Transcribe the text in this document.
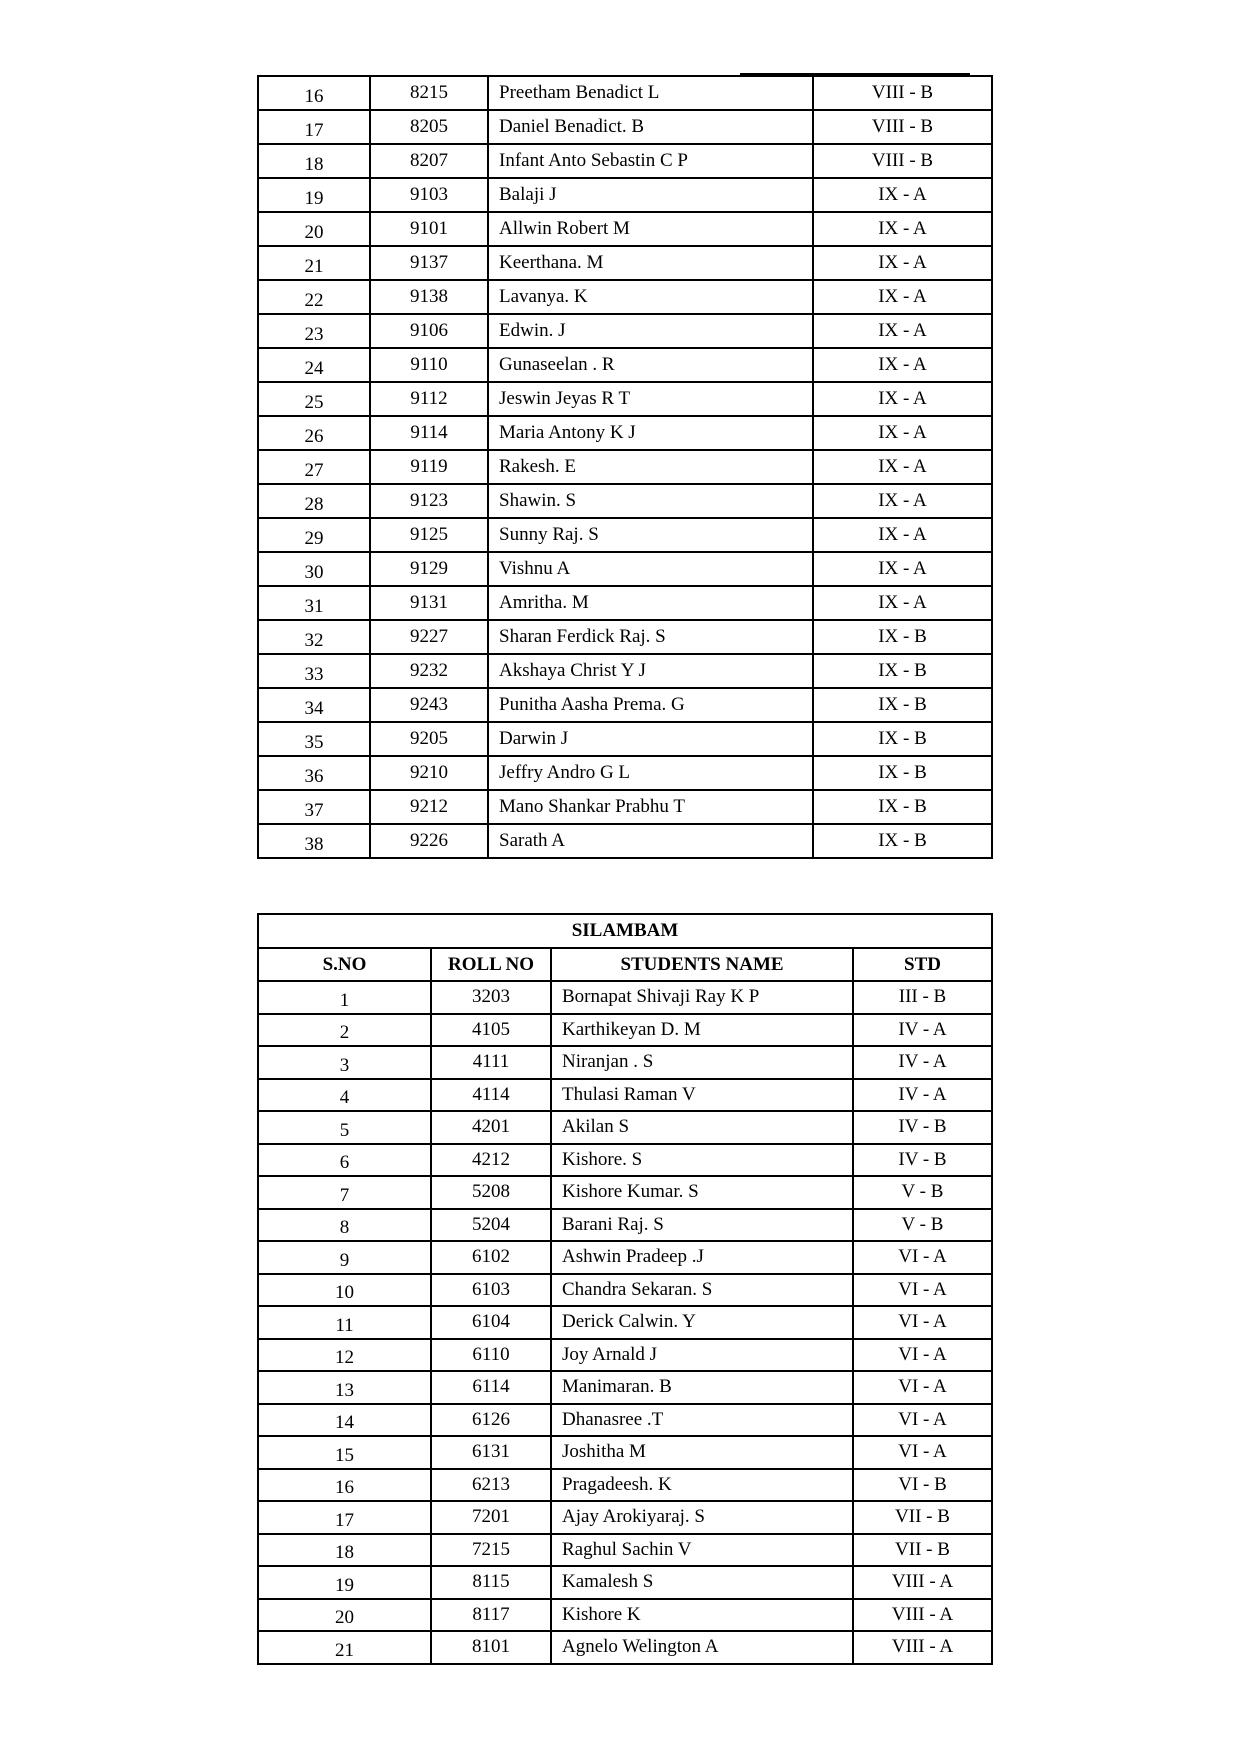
16	8215	Preetham Benadict L	VIII - B
17	8205	Daniel Benadict. B	VIII - B
18	8207	Infant Anto Sebastin C P	VIII - B
19	9103	Balaji J	IX - A
20	9101	Allwin Robert M	IX - A
21	9137	Keerthana. M	IX - A
22	9138	Lavanya. K	IX - A
23	9106	Edwin. J	IX - A
24	9110	Gunaseelan . R	IX - A
25	9112	Jeswin Jeyas R T	IX - A
26	9114	Maria Antony K J	IX - A
27	9119	Rakesh. E	IX - A
28	9123	Shawin. S	IX - A
29	9125	Sunny Raj. S	IX - A
30	9129	Vishnu A	IX - A
31	9131	Amritha. M	IX - A
32	9227	Sharan Ferdick Raj. S	IX - B
33	9232	Akshaya Christ Y J	IX - B
34	9243	Punitha Aasha Prema. G	IX - B
35	9205	Darwin J	IX - B
36	9210	Jeffry Andro G L	IX - B
37	9212	Mano Shankar Prabhu T	IX - B
38	9226	Sarath A	IX - B
SILAMBAM			
S.NO	ROLL NO	STUDENTS NAME	STD
1	3203	Bornapat Shivaji Ray K P	III - B
2	4105	Karthikeyan D. M	IV - A
3	4111	Niranjan . S	IV - A
4	4114	Thulasi Raman V	IV - A
5	4201	Akilan S	IV - B
6	4212	Kishore. S	IV - B
7	5208	Kishore Kumar. S	V - B
8	5204	Barani Raj. S	V - B
9	6102	Ashwin Pradeep .J	VI - A
10	6103	Chandra Sekaran. S	VI - A
11	6104	Derick Calwin. Y	VI - A
12	6110	Joy Arnald J	VI - A
13	6114	Manimaran. B	VI - A
14	6126	Dhanasree .T	VI - A
15	6131	Joshitha M	VI - A
16	6213	Pragadeesh. K	VI - B
17	7201	Ajay Arokiyaraj. S	VII - B
18	7215	Raghul Sachin V	VII - B
19	8115	Kamalesh S	VIII - A
20	8117	Kishore K	VIII - A
21	8101	Agnelo Welington A	VIII - A
